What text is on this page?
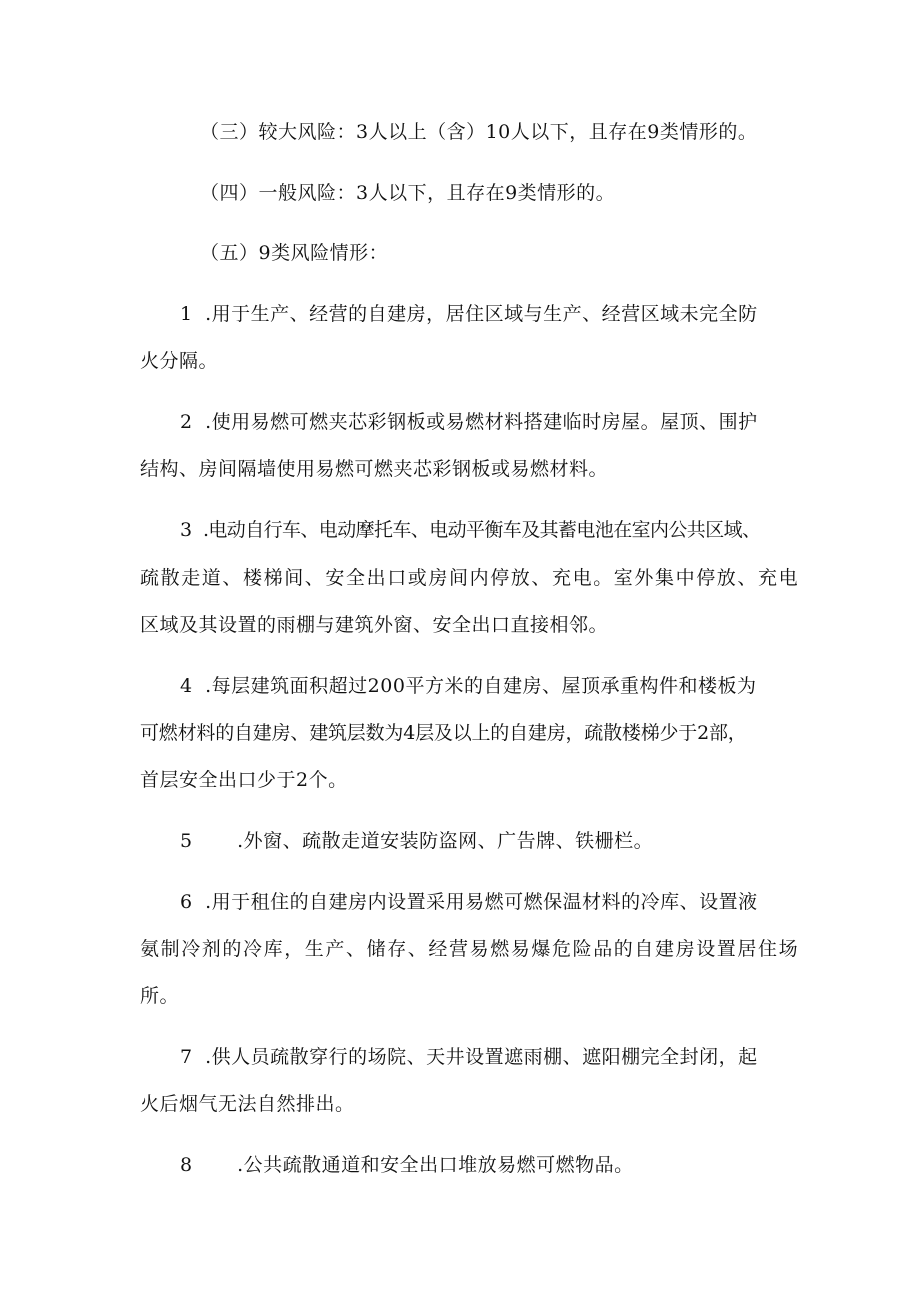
（三）较大风险：3人以上（含）10人以下，且存在9类情形的。
（四）一般风险：3人以下，且存在9类情形的。
（五）9类风险情形：
1 .用于生产、经营的自建房，居住区域与生产、经营区域未完全防
火分隔。
2 .使用易燃可燃夹芯彩钢板或易燃材料搭建临时房屋。屋顶、围护
结构、房间隔墙使用易燃可燃夹芯彩钢板或易燃材料。
3 .电动自行车、电动摩托车、电动平衡车及其蓄电池在室内公共区域、
疏散走道、楼梯间、安全出口或房间内停放、充电。室外集中停放、充电
区域及其设置的雨棚与建筑外窗、安全出口直接相邻。
4 .每层建筑面积超过200平方米的自建房、屋顶承重构件和楼板为
可燃材料的自建房、建筑层数为4层及以上的自建房，疏散楼梯少于2部，
首层安全出口少于2个。
5 .外窗、疏散走道安装防盗网、广告牌、铁栅栏。
6 .用于租住的自建房内设置采用易燃可燃保温材料的冷库、设置液
氨制冷剂的冷库，生产、储存、经营易燃易爆危险品的自建房设置居住场
所。
7 .供人员疏散穿行的场院、天井设置遮雨棚、遮阳棚完全封闭，起
火后烟气无法自然排出。
8 .公共疏散通道和安全出口堆放易燃可燃物品。
